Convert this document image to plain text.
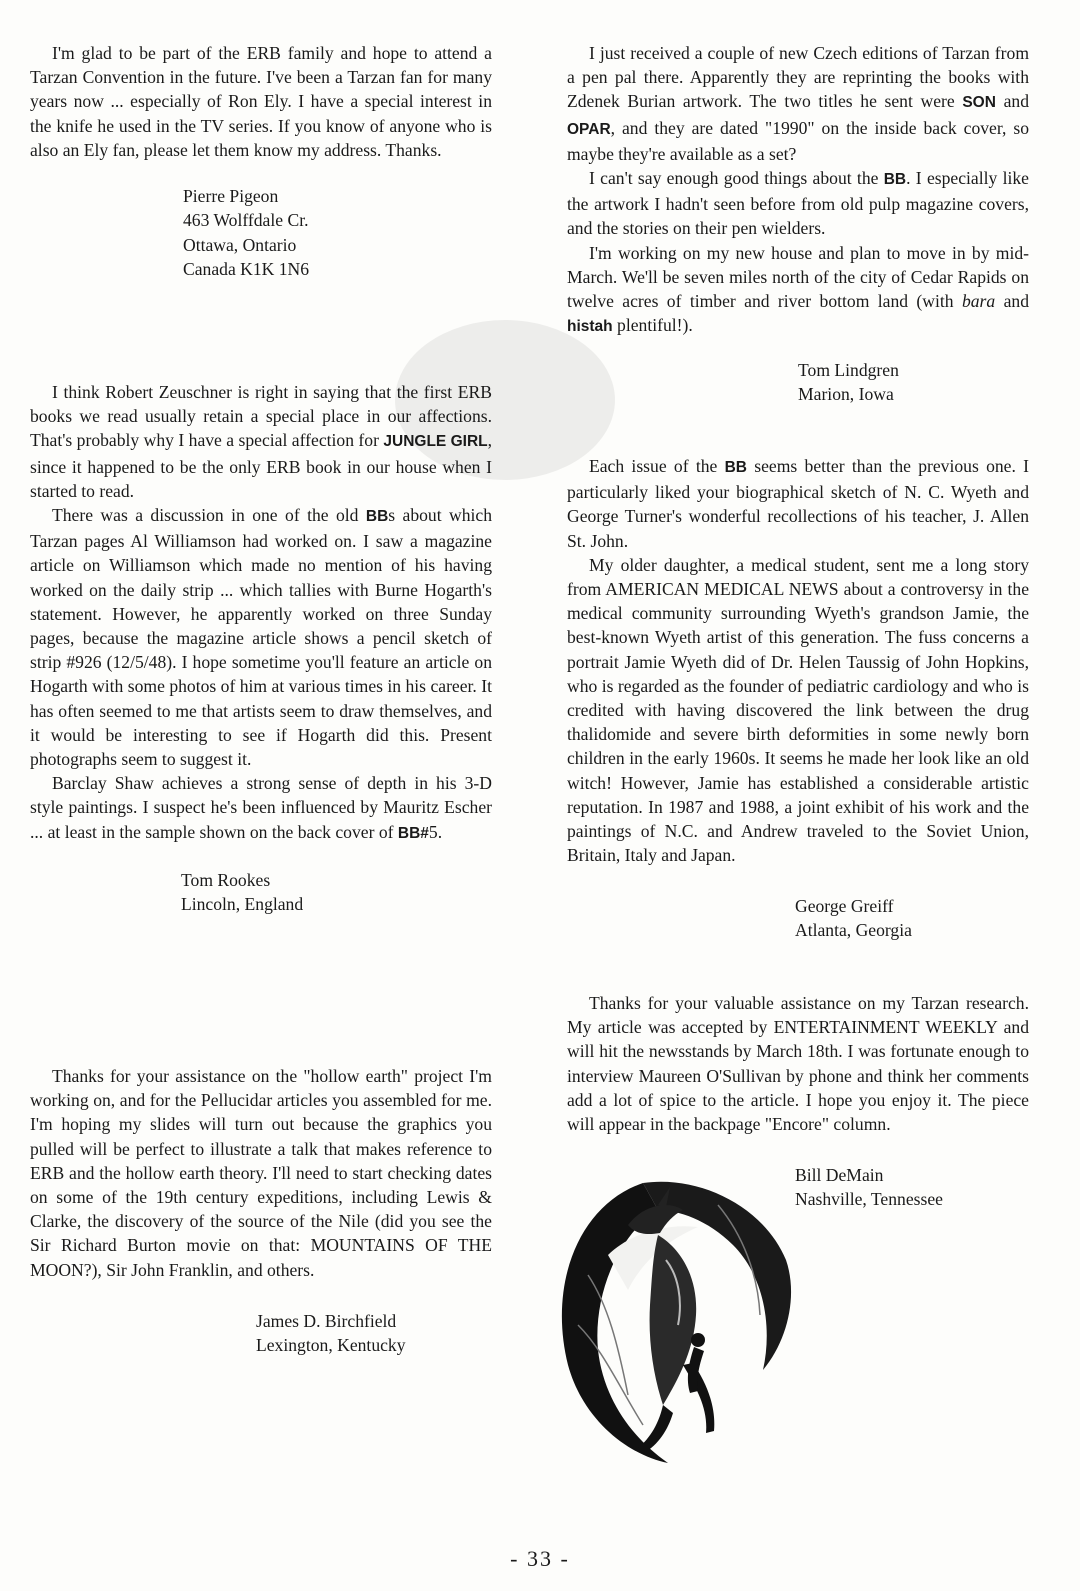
I'm glad to be part of the ERB family and hope to attend a Tarzan Convention in the future. I've been a Tarzan fan for many years now ... especially of Ron Ely. I have a special interest in the knife he used in the TV series. If you know of anyone who is also an Ely fan, please let them know my address. Thanks.

Pierre Pigeon
463 Wolffdale Cr.
Ottawa, Ontario
Canada K1K 1N6

I think Robert Zeuschner is right in saying that the first ERB books we read usually retain a special place in our affections. That's probably why I have a special affection for JUNGLE GIRL, since it happened to be the only ERB book in our house when I started to read.

There was a discussion in one of the old BBs about which Tarzan pages Al Williamson had worked on. I saw a magazine article on Williamson which made no mention of his having worked on the daily strip ... which tallies with Burne Hogarth's statement. However, he apparently worked on three Sunday pages, because the magazine article shows a pencil sketch of strip #926 (12/5/48). I hope sometime you'll feature an article on Hogarth with some photos of him at various times in his career. It has often seemed to me that artists seem to draw themselves, and it would be interesting to see if Hogarth did this. Present photographs seem to suggest it.

Barclay Shaw achieves a strong sense of depth in his 3-D style paintings. I suspect he's been influenced by Mauritz Escher ... at least in the sample shown on the back cover of BB#5.

Tom Rookes
Lincoln, England

Thanks for your assistance on the "hollow earth" project I'm working on, and for the Pellucidar articles you assembled for me. I'm hoping my slides will turn out because the graphics you pulled will be perfect to illustrate a talk that makes reference to ERB and the hollow earth theory. I'll need to start checking dates on some of the 19th century expeditions, including Lewis & Clarke, the discovery of the source of the Nile (did you see the Sir Richard Burton movie on that: MOUNTAINS OF THE MOON?), Sir John Franklin, and others.

James D. Birchfield
Lexington, Kentucky

I just received a couple of new Czech editions of Tarzan from a pen pal there. Apparently they are reprinting the books with Zdenek Burian artwork. The two titles he sent were SON and OPAR, and they are dated "1990" on the inside back cover, so maybe they're available as a set?

I can't say enough good things about the BB. I especially like the artwork I hadn't seen before from old pulp magazine covers, and the stories on their pen wielders.

I'm working on my new house and plan to move in by mid-March. We'll be seven miles north of the city of Cedar Rapids on twelve acres of timber and river bottom land (with bara and histah plentiful!).

Tom Lindgren
Marion, Iowa

Each issue of the BB seems better than the previous one. I particularly liked your biographical sketch of N. C. Wyeth and George Turner's wonderful recollections of his teacher, J. Allen St. John.

My older daughter, a medical student, sent me a long story from AMERICAN MEDICAL NEWS about a controversy in the medical community surrounding Wyeth's grandson Jamie, the best-known Wyeth artist of this generation. The fuss concerns a portrait Jamie Wyeth did of Dr. Helen Taussig of John Hopkins, who is regarded as the founder of pediatric cardiology and who is credited with having discovered the link between the drug thalidomide and severe birth deformities in some newly born children in the early 1960s. It seems he made her look like an old witch! However, Jamie has established a considerable artistic reputation. In 1987 and 1988, a joint exhibit of his work and the paintings of N.C. and Andrew traveled to the Soviet Union, Britain, Italy and Japan.

George Greiff
Atlanta, Georgia

Thanks for your valuable assistance on my Tarzan research. My article was accepted by ENTERTAINMENT WEEKLY and will hit the newsstands by March 18th. I was fortunate enough to interview Maureen O'Sullivan by phone and think her comments add a lot of spice to the article. I hope you enjoy it. The piece will appear in the backpage "Encore" column.

Bill DeMain
Nashville, Tennessee
- 33 -
